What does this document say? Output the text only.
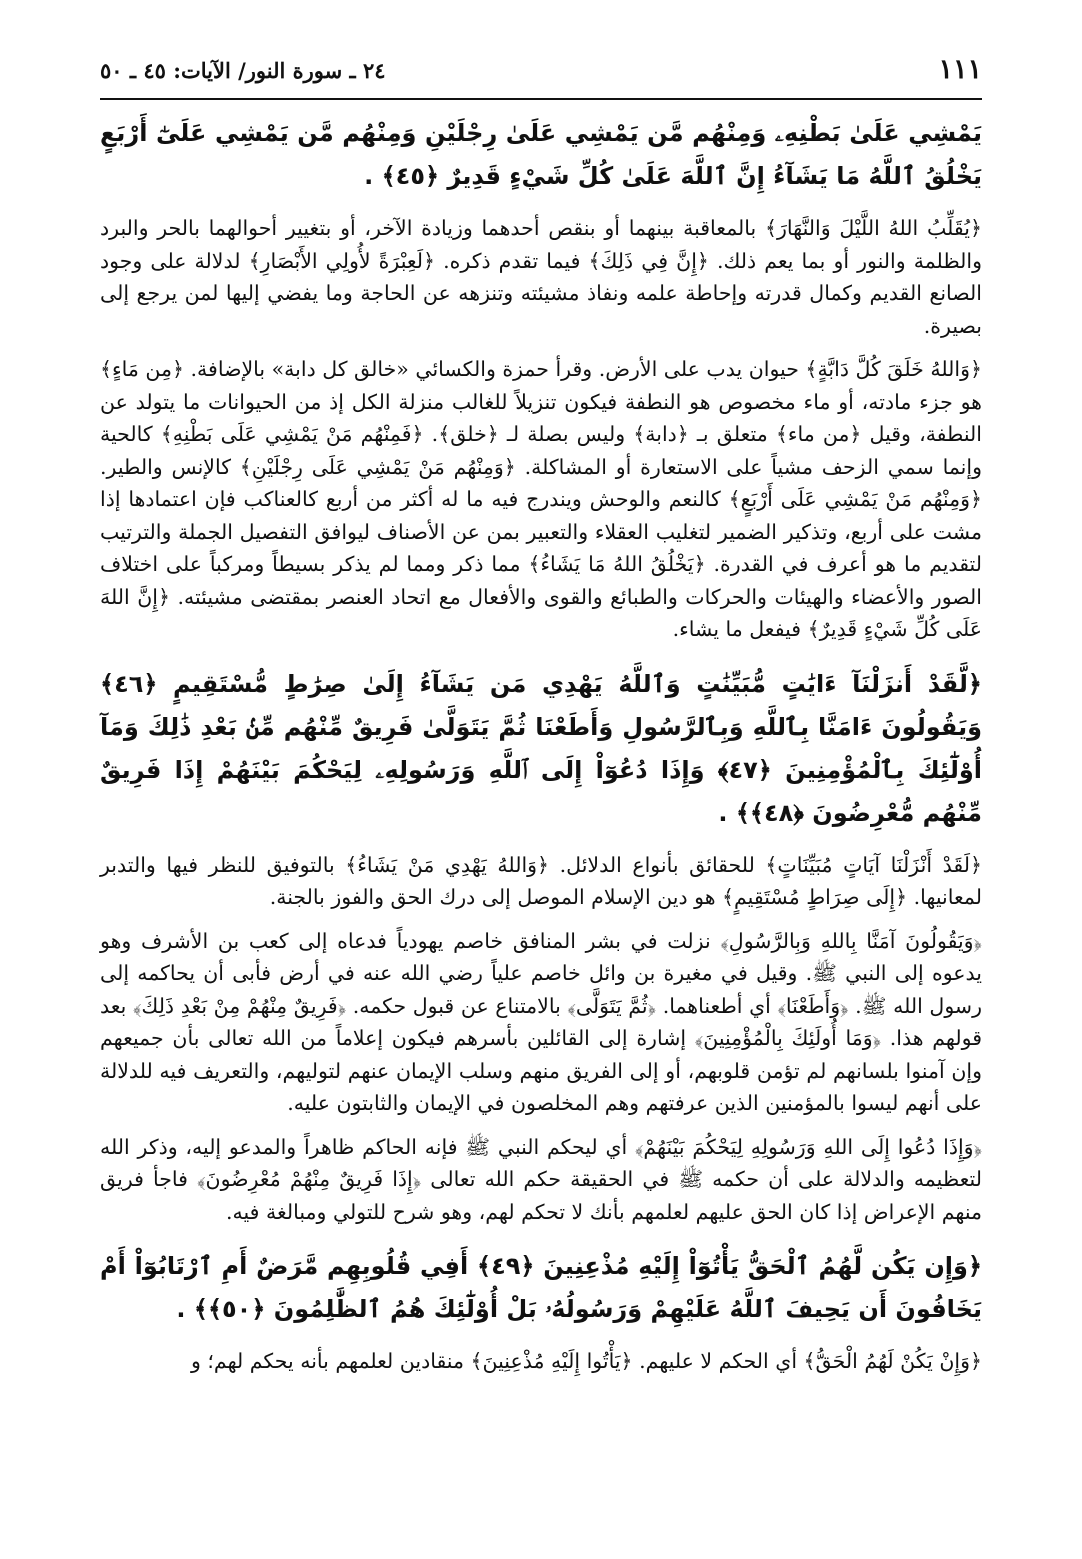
١١١
٢٤ ـ سورة النور/ الآيات: ٤٥ ـ ٥٠

يَمْشِي عَلَىٰ بَطْنِهِۦ وَمِنْهُم مَّن يَمْشِي عَلَىٰ رِجْلَيْنِ وَمِنْهُم مَّن يَمْشِي عَلَىٰٓ أَرْبَعٍ يَخْلُقُ ٱللَّهُ مَا يَشَآءُ إِنَّ ٱللَّهَ عَلَىٰ كُلِّ شَيْءٍ قَدِيرٌ ﴿٤٥﴾ .

﴿يُقَلِّبُ اللهُ اللَّيْلَ وَالنَّهَارَ﴾ بالمعاقبة بينهما أو بنقص أحدهما وزيادة الآخر، أو بتغيير أحوالهما بالحر والبرد والظلمة والنور أو بما يعم ذلك. ﴿إِنَّ فِي ذَلِكَ﴾ فيما تقدم ذكره. ﴿لَعِبْرَةً لأُولِي الأَبْصَارِ﴾ لدلالة على وجود الصانع القديم وكمال قدرته وإحاطة علمه ونفاذ مشيئته وتنزهه عن الحاجة وما يفضي إليها لمن يرجع إلى بصيرة.

﴿وَاللهُ خَلَقَ كُلَّ دَابَّةٍ﴾ حيوان يدب على الأرض. وقرأ حمزة والكسائي «خالق كل دابة» بالإضافة. ﴿مِن مَاءٍ﴾ هو جزء مادته، أو ماء مخصوص هو النطفة فيكون تنزيلاً للغالب منزلة الكل إذ من الحيوانات ما يتولد عن النطفة، وقيل ﴿من ماء﴾ متعلق بـ ﴿دابة﴾ وليس بصلة لـ ﴿خلق﴾. ﴿فَمِنْهُم مَنْ يَمْشِي عَلَى بَطْنِهِ﴾ كالحية وإنما سمي الزحف مشياً على الاستعارة أو المشاكلة. ﴿وَمِنْهُم مَنْ يَمْشِي عَلَى رِجْلَيْنِ﴾ كالإنس والطير. ﴿وَمِنْهُم مَنْ يَمْشِي عَلَى أَرْبَعٍ﴾ كالنعم والوحش ويندرج فيه ما له أكثر من أربع كالعناكب فإن اعتمادها إذا مشت على أربع، وتذكير الضمير لتغليب العقلاء والتعبير بمن عن الأصناف ليوافق التفصيل الجملة والترتيب لتقديم ما هو أعرف في القدرة. ﴿يَخْلُقُ اللهُ مَا يَشَاءُ﴾ مما ذكر ومما لم يذكر بسيطاً ومركباً على اختلاف الصور والأعضاء والهيئات والحركات والطبائع والقوى والأفعال مع اتحاد العنصر بمقتضى مشيئته. ﴿إِنَّ اللهَ عَلَى كُلِّ شَيْءٍ قَدِيرٌ﴾ فيفعل ما يشاء.

﴿لَّقَدْ أَنزَلْنَآ ءَايَٰتٍ مُّبَيِّنَٰتٍ وَٱللَّهُ يَهْدِي مَن يَشَآءُ إِلَىٰ صِرَٰطٍ مُّسْتَقِيمٍ ﴿٤٦﴾ وَيَقُولُونَ ءَامَنَّا بِٱللَّهِ وَبِٱلرَّسُولِ وَأَطَعْنَا ثُمَّ يَتَوَلَّىٰ فَرِيقٌ مِّنْهُم مِّنۢ بَعْدِ ذَٰلِكَ وَمَآ أُوْلَٰٓئِكَ بِٱلْمُؤْمِنِينَ ﴿٤٧﴾ وَإِذَا دُعُوٓاْ إِلَى ٱللَّهِ وَرَسُولِهِۦ لِيَحْكُمَ بَيْنَهُمْ إِذَا فَرِيقٌ مِّنْهُم مُّعْرِضُونَ ﴿٤٨﴾﴾ .

﴿لَقَدْ أَنْزَلْنَا آيَاتٍ مُبَيِّنَاتٍ﴾ للحقائق بأنواع الدلائل. ﴿وَاللهُ يَهْدِي مَنْ يَشَاءُ﴾ بالتوفيق للنظر فيها والتدبر لمعانيها. ﴿إِلَى صِرَاطٍ مُسْتَقِيمٍ﴾ هو دين الإسلام الموصل إلى درك الحق والفوز بالجنة.

﴿وَيَقُولُونَ آمَنَّا بِاللهِ وَبِالرَّسُولِ﴾ نزلت في بشر المنافق خاصم يهودياً فدعاه إلى كعب بن الأشرف وهو يدعوه إلى النبي ﷺ. وقيل في مغيرة بن وائل خاصم علياً رضي الله عنه في أرض فأبى أن يحاكمه إلى رسول الله ﷺ. ﴿وَأَطَعْنَا﴾ أي أطعناهما. ﴿ثُمَّ يَتَوَلَّى﴾ بالامتناع عن قبول حكمه. ﴿فَرِيقٌ مِنْهُمْ مِنْ بَعْدِ ذَلِكَ﴾ بعد قولهم هذا. ﴿وَمَا أُولَئِكَ بِالْمُؤْمِنِينَ﴾ إشارة إلى القائلين بأسرهم فيكون إعلاماً من الله تعالى بأن جميعهم وإن آمنوا بلسانهم لم تؤمن قلوبهم، أو إلى الفريق منهم وسلب الإيمان عنهم لتوليهم، والتعريف فيه للدلالة على أنهم ليسوا بالمؤمنين الذين عرفتهم وهم المخلصون في الإيمان والثابتون عليه.

﴿وَإِذَا دُعُوا إِلَى اللهِ وَرَسُولِهِ لِيَحْكُمَ بَيْنَهُمْ﴾ أي ليحكم النبي ﷺ فإنه الحاكم ظاهراً والمدعو إليه، وذكر الله لتعظيمه والدلالة على أن حكمه ﷺ في الحقيقة حكم الله تعالى ﴿إِذَا فَرِيقٌ مِنْهُمْ مُعْرِضُونَ﴾ فاجأ فريق منهم الإعراض إذا كان الحق عليهم لعلمهم بأنك لا تحكم لهم، وهو شرح للتولي ومبالغة فيه.

﴿وَإِن يَكُن لَّهُمُ ٱلْحَقُّ يَأْتُوٓاْ إِلَيْهِ مُذْعِنِينَ ﴿٤٩﴾ أَفِي قُلُوبِهِم مَّرَضٌ أَمِ ٱرْتَابُوٓاْ أَمْ يَخَافُونَ أَن يَحِيفَ ٱللَّهُ عَلَيْهِمْ وَرَسُولُهُۥ بَلْ أُوْلَٰٓئِكَ هُمُ ٱلظَّٰلِمُونَ ﴿٥٠﴾﴾ .

﴿وَإِنْ يَكُنْ لَهُمُ الْحَقُّ﴾ أي الحكم لا عليهم. ﴿يَأْتُوا إِلَيْهِ مُذْعِنِينَ﴾ منقادين لعلمهم بأنه يحكم لهم؛ و
